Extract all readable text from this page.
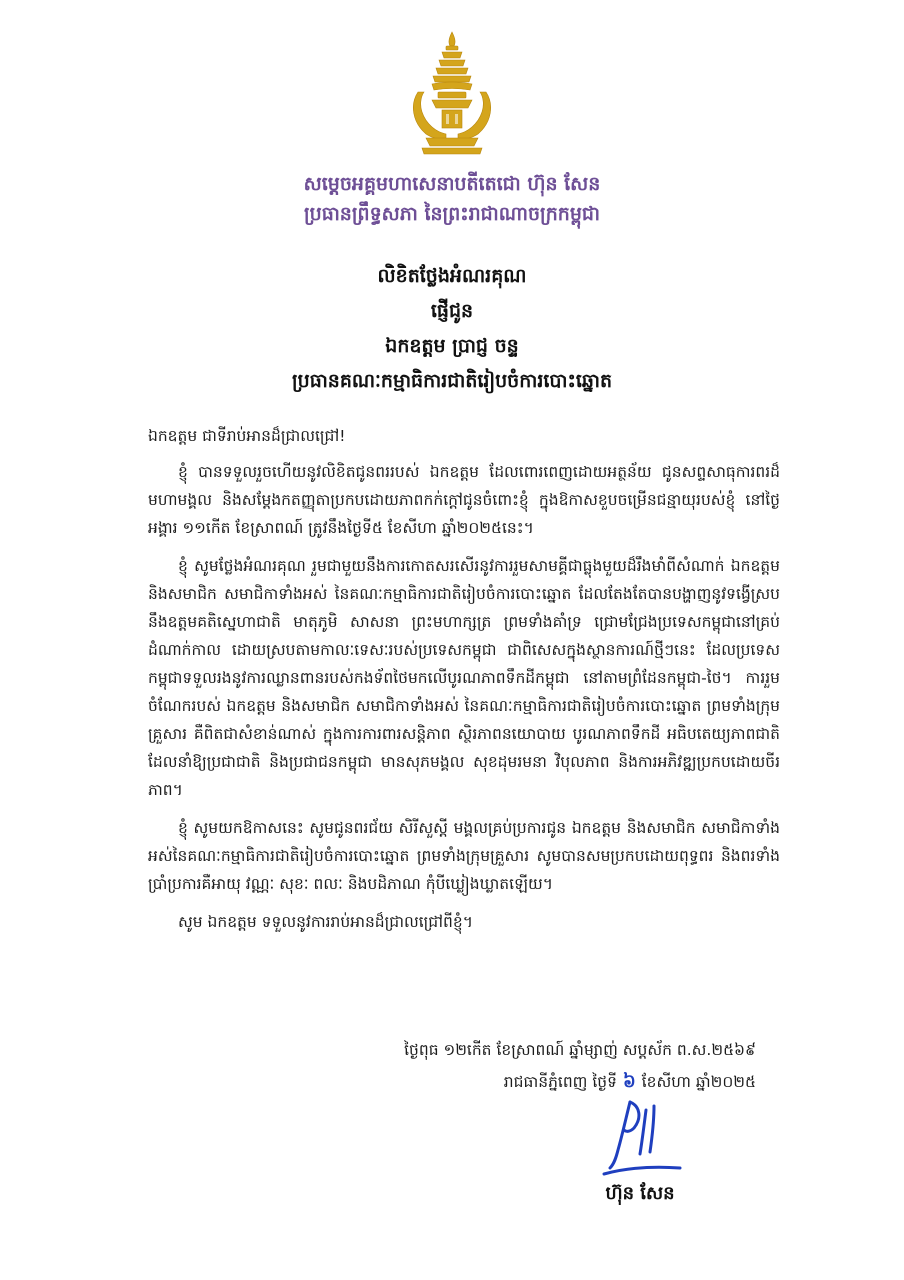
សម្តេចអគ្គមហាសេនាបតីតេជោ ហ៊ុន សែន
ប្រធានព្រឹទ្ធសភា នៃព្រះរាជាណាចក្រកម្ពុជា
លិខិតថ្លែងអំណរគុណ
ផ្ញើជូន
ឯកឧត្តម ប្រាជ្ញ ចន្ទ
ប្រធានគណៈកម្មាធិការជាតិរៀបចំការបោះឆ្នោត

ឯកឧត្តម ជាទីរាប់អានដ៏ជ្រាលជ្រៅ!

ខ្ញុំ បានទទួលរួចហើយនូវលិខិតជូនពររបស់ ឯកឧត្តម ដែលពោរពេញដោយអត្ថន័យ ជូនសព្ទសាធុការពរដ៏មហាមង្គល និងសម្តែងកតញ្ញុតាប្រកបដោយភាពកក់ក្តៅជូនចំពោះខ្ញុំ ក្នុងឱកាសខួបចម្រើនជន្មាយុរបស់ខ្ញុំ នៅថ្ងៃអង្គារ ១១កើត ខែស្រាពណ៍ ត្រូវនឹងថ្ងៃទី៥ ខែសីហា ឆ្នាំ២០២៥នេះ។

ខ្ញុំ សូមថ្លែងអំណរគុណ រួមជាមួយនឹងការកោតសរសើរនូវការរួមសាមគ្គីជាធ្លុងមួយដ៏រឹងមាំពីសំណាក់ ឯកឧត្តម និងសមាជិក សមាជិកាទាំងអស់ នៃគណៈកម្មាធិការជាតិរៀបចំការបោះឆ្នោត ដែលតែងតែបានបង្ហាញនូវទង្វើស្របនឹងឧត្តមគតិស្នេហាជាតិ មាតុភូមិ សាសនា ព្រះមហាក្សត្រ ព្រមទាំងគាំទ្រ ជ្រោមជ្រែងប្រទេសកម្ពុជានៅគ្រប់ដំណាក់កាល ដោយស្របតាមកាលៈទេសៈរបស់ប្រទេសកម្ពុជា ជាពិសេសក្នុងស្ថានការណ៍ថ្មីៗនេះ ដែលប្រទេសកម្ពុជាទទួលរងនូវការឈ្លានពានរបស់កងទ័ពថៃមកលើបូរណភាពទឹកដីកម្ពុជា នៅតាមព្រំដែនកម្ពុជា-ថៃ។ ការរួមចំណែករបស់ ឯកឧត្តម និងសមាជិក សមាជិកាទាំងអស់ នៃគណៈកម្មាធិការជាតិរៀបចំការបោះឆ្នោត ព្រមទាំងក្រុមគ្រួសារ គឺពិតជាសំខាន់ណាស់ ក្នុងការការពារសន្តិភាព ស្ថិរភាពនយោបាយ បូរណភាពទឹកដី អធិបតេយ្យភាពជាតិ ដែលនាំឱ្យប្រជាជាតិ និងប្រជាជនកម្ពុជា មានសុភមង្គល សុខដុមរមនា វិបុលភាព និងការអភិវឌ្ឍប្រកបដោយចីរភាព។

ខ្ញុំ សូមយកឱកាសនេះ សូមជូនពរជ័យ សិរីសួស្តី មង្គលគ្រប់ប្រការជូន ឯកឧត្តម និងសមាជិក សមាជិកាទាំងអស់នៃគណៈកម្មាធិការជាតិរៀបចំការបោះឆ្នោត ព្រមទាំងក្រុមគ្រួសារ សូមបានសមប្រកបដោយពុទ្ធពរ និងពរទាំងប្រាំប្រការគឺអាយុ វណ្ណៈ សុខៈ ពលៈ និងបដិភាណ កុំបីឃ្លៀងឃ្លាតឡើយ។

សូម ឯកឧត្តម ទទួលនូវការរាប់អានដ៏ជ្រាលជ្រៅពីខ្ញុំ។

ថ្ងៃពុធ ១២កើត ខែស្រាពណ៍ ឆ្នាំម្សាញ់ សប្តស័ក ព.ស.២៥៦៩
រាជធានីភ្នំពេញ ថ្ងៃទី ៦ ខែសីហា ឆ្នាំ២០២៥
ហ៊ុន សែន
